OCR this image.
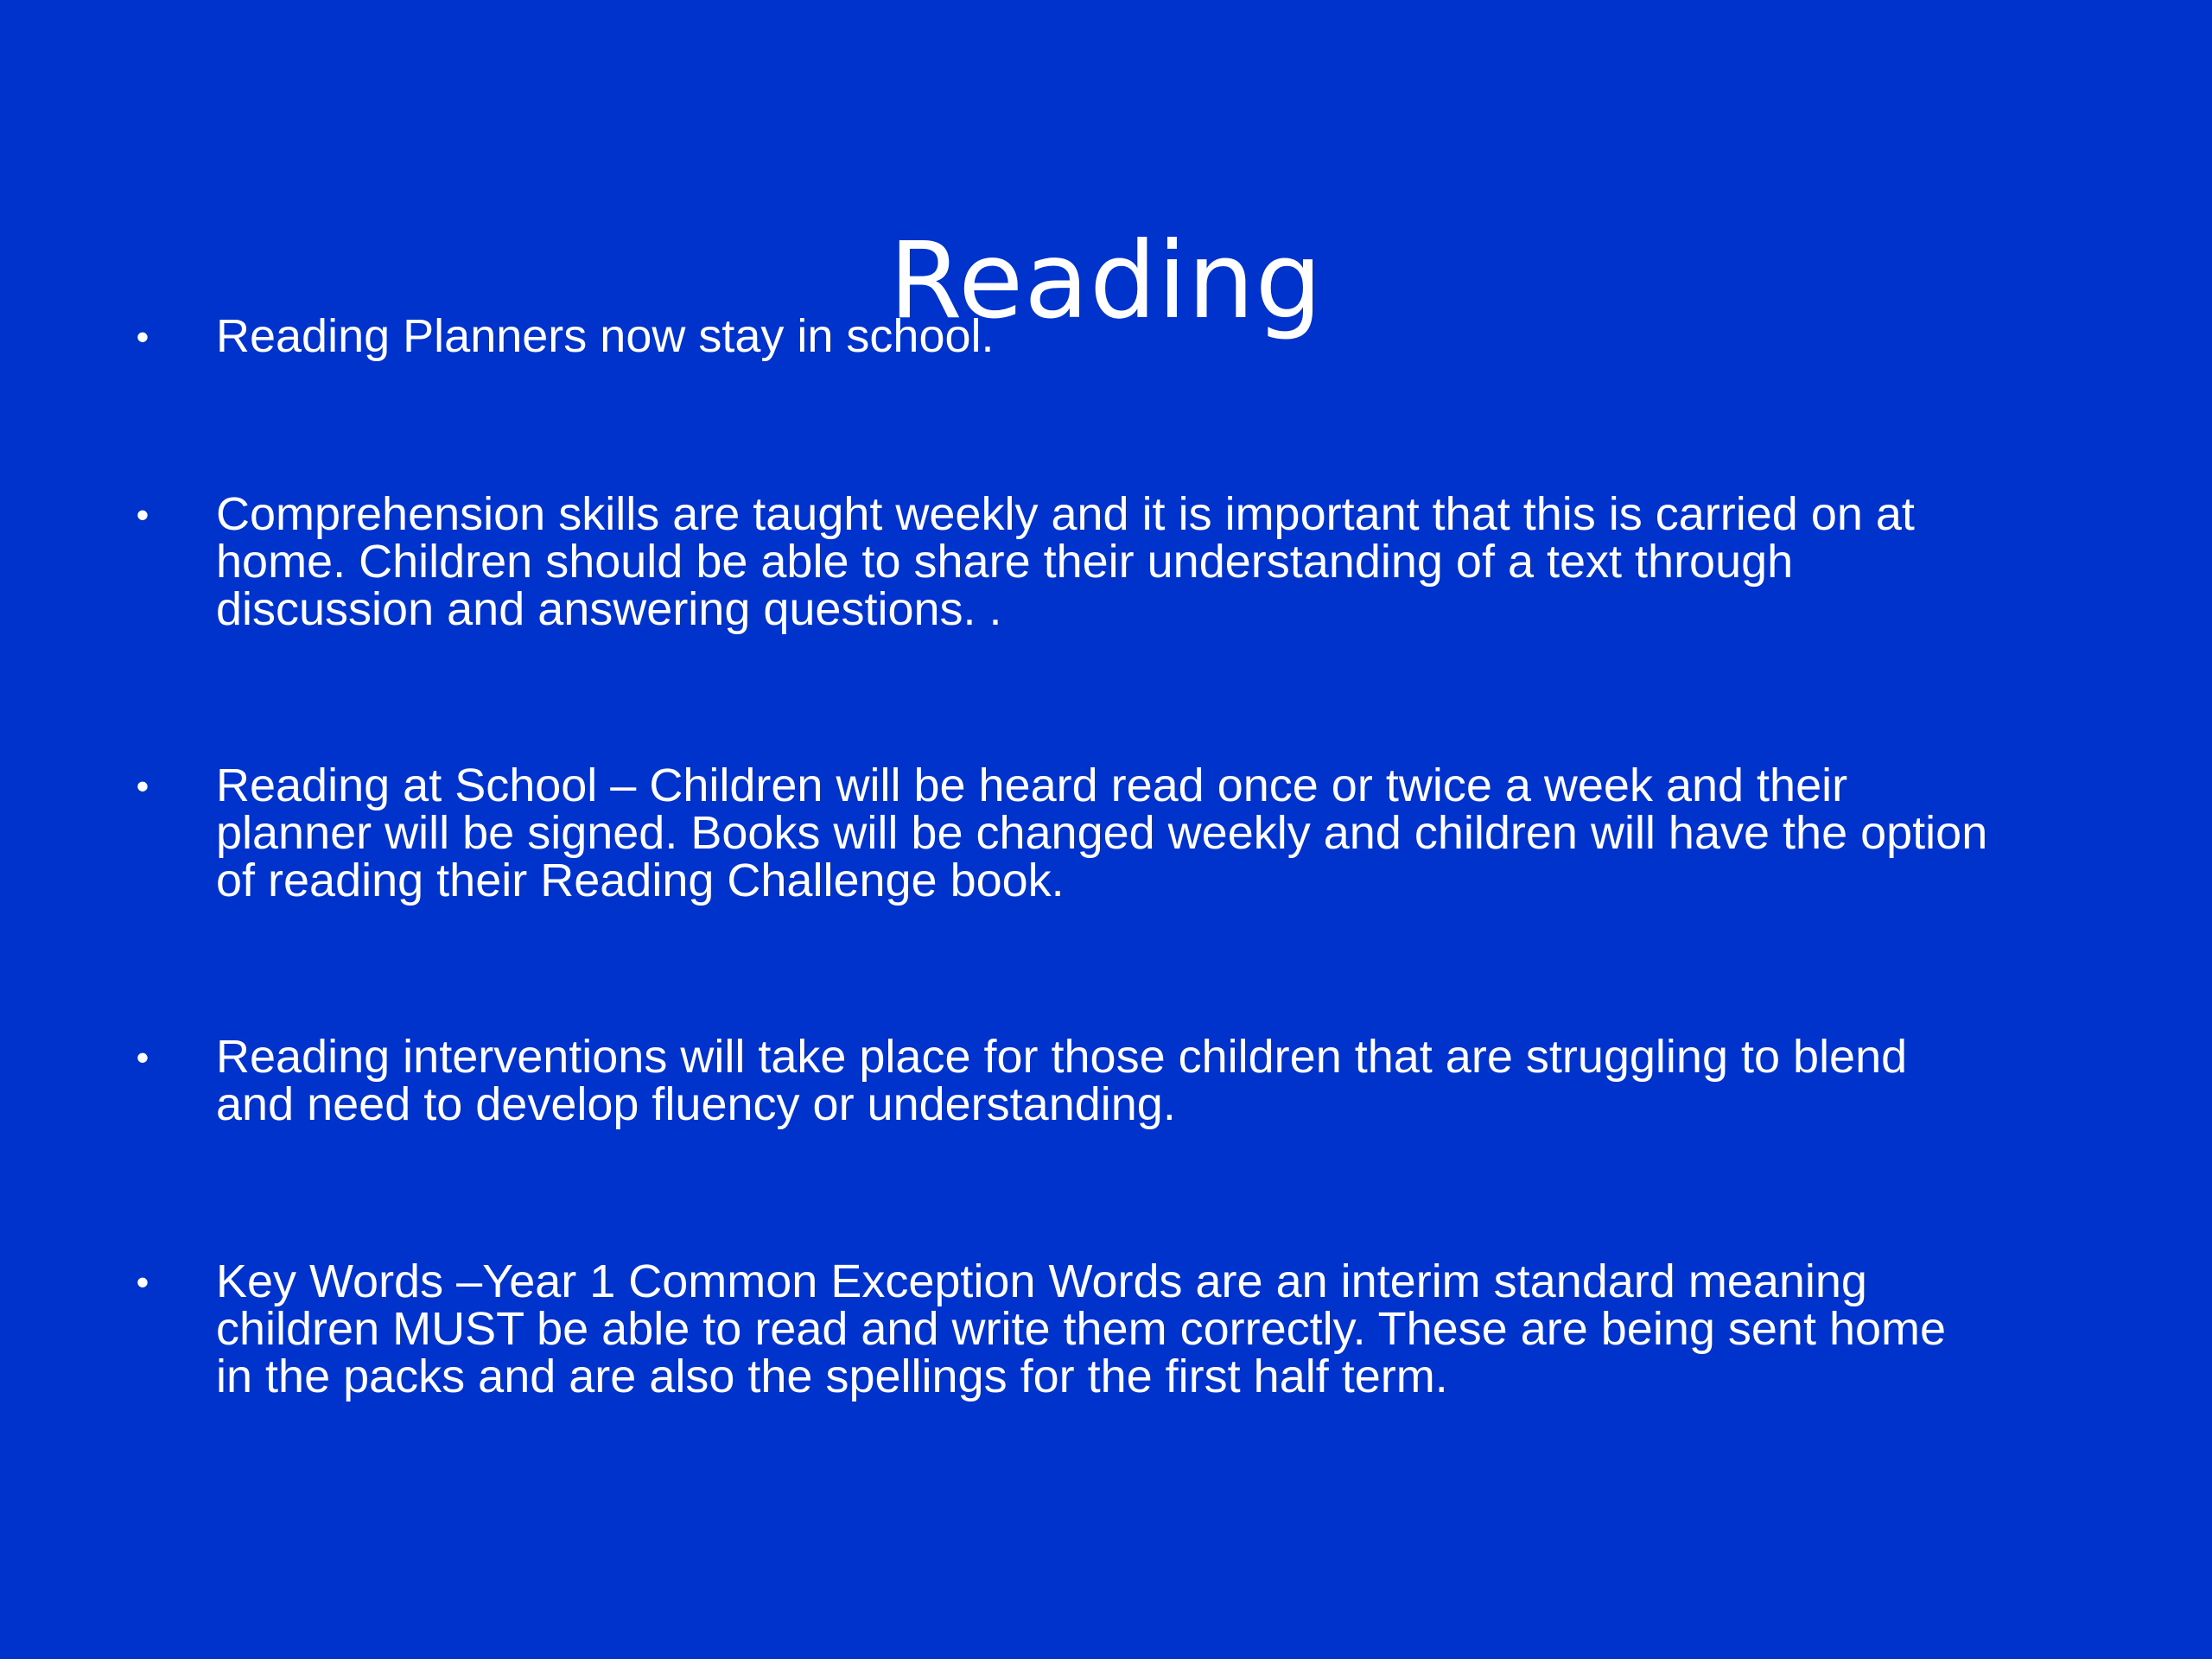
Reading
• Reading Planners now stay in school.
• Comprehension skills are taught weekly and it is important that this is carried on at
home. Children should be able to share their understanding of a text through
discussion and answering questions. .
• Reading at School – Children will be heard read once or twice a week and their
planner will be signed. Books will be changed weekly and children will have the option
of reading their Reading Challenge book.
• Reading interventions will take place for those children that are struggling to blend
and need to develop fluency or understanding.
• Key Words –Year 1 Common Exception Words are an interim standard meaning
children MUST be able to read and write them correctly. These are being sent home
in the packs and are also the spellings for the first half term.
